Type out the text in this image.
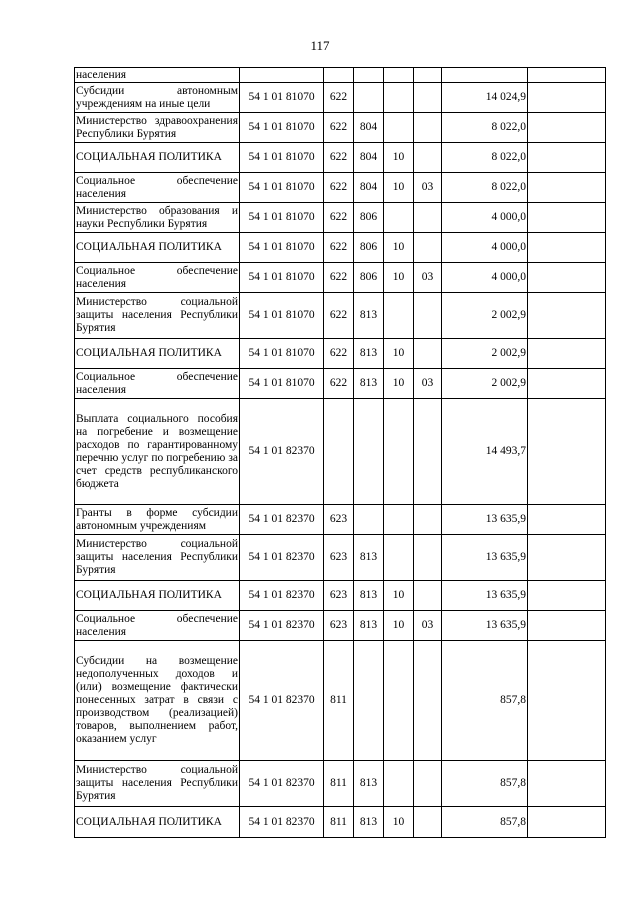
117
населения							
Субсидии автономным учреждениям на иные цели	54 1 01 81070	622				14 024,9	
Министерство здравоохранения Республики Бурятия	54 1 01 81070	622	804			8 022,0	
СОЦИАЛЬНАЯ ПОЛИТИКА	54 1 01 81070	622	804	10		8 022,0	
Социальное обеспечение населения	54 1 01 81070	622	804	10	03	8 022,0	
Министерство образования и науки Республики Бурятия	54 1 01 81070	622	806			4 000,0	
СОЦИАЛЬНАЯ ПОЛИТИКА	54 1 01 81070	622	806	10		4 000,0	
Социальное обеспечение населения	54 1 01 81070	622	806	10	03	4 000,0	
Министерство социальной защиты населения Республики Бурятия	54 1 01 81070	622	813			2 002,9	
СОЦИАЛЬНАЯ ПОЛИТИКА	54 1 01 81070	622	813	10		2 002,9	
Социальное обеспечение населения	54 1 01 81070	622	813	10	03	2 002,9	
Выплата социального пособия на погребение и возмещение расходов по гарантированному перечню услуг по погребению за счет средств республиканского бюджета	54 1 01 82370					14 493,7	
Гранты в форме субсидии автономным учреждениям	54 1 01 82370	623				13 635,9	
Министерство социальной защиты населения Республики Бурятия	54 1 01 82370	623	813			13 635,9	
СОЦИАЛЬНАЯ ПОЛИТИКА	54 1 01 82370	623	813	10		13 635,9	
Социальное обеспечение населения	54 1 01 82370	623	813	10	03	13 635,9	
Субсидии на возмещение недополученных доходов и (или) возмещение фактически понесенных затрат в связи с производством (реализацией) товаров, выполнением работ, оказанием услуг	54 1 01 82370	811				857,8	
Министерство социальной защиты населения Республики Бурятия	54 1 01 82370	811	813			857,8	
СОЦИАЛЬНАЯ ПОЛИТИКА	54 1 01 82370	811	813	10		857,8	
